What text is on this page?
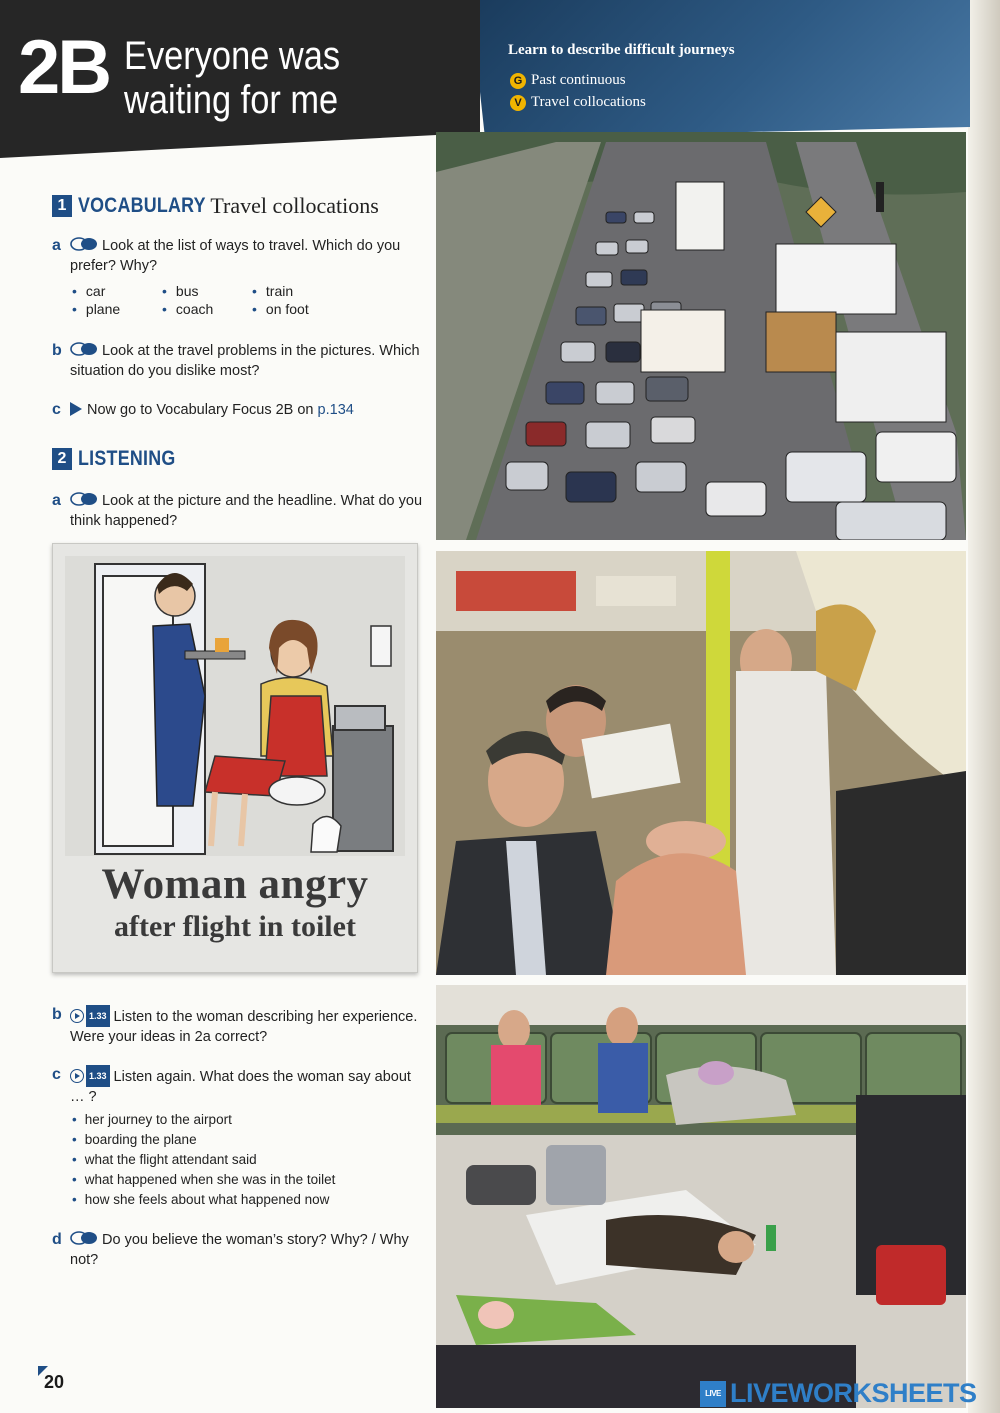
2B Everyone was waiting for me
Learn to describe difficult journeys
G Past continuous
V Travel collocations
1 VOCABULARY Travel collocations
a	Look at the list of ways to travel. Which do you prefer? Why?
• car	• bus	• train
• plane	• coach	• on foot
b	Look at the travel problems in the pictures. Which situation do you dislike most?
c	Now go to Vocabulary Focus 2B on p.134
2 LISTENING
a	Look at the picture and the headline. What do you think happened?
Woman angry
after flight in toilet
b	1.33 Listen to the woman describing her experience. Were your ideas in 2a correct?
c	1.33 Listen again. What does the woman say about … ?
• her journey to the airport
• boarding the plane
• what the flight attendant said
• what happened when she was in the toilet
• how she feels about what happened now
d	Do you believe the woman’s story? Why? / Why not?
20
LIVE LIVEWORKSHEETS
